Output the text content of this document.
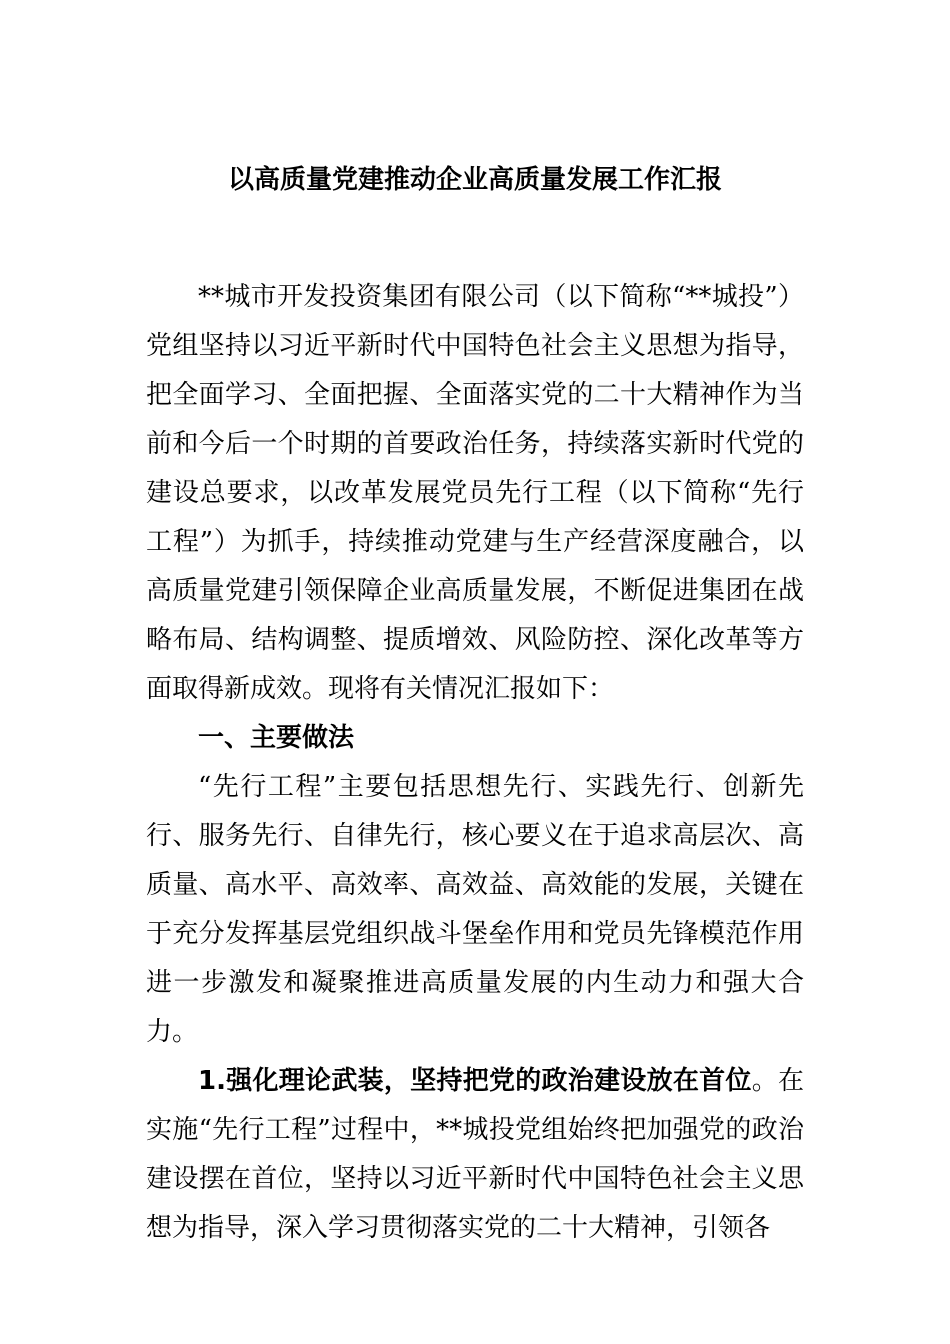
以高质量党建推动企业高质量发展工作汇报

**城市开发投资集团有限公司（以下简称“**城投”）党组坚持以习近平新时代中国特色社会主义思想为指导，把全面学习、全面把握、全面落实党的二十大精神作为当前和今后一个时期的首要政治任务，持续落实新时代党的建设总要求，以改革发展党员先行工程（以下简称“先行工程”）为抓手，持续推动党建与生产经营深度融合，以高质量党建引领保障企业高质量发展，不断促进集团在战略布局、结构调整、提质增效、风险防控、深化改革等方面取得新成效。现将有关情况汇报如下：

一、主要做法

“先行工程”主要包括思想先行、实践先行、创新先行、服务先行、自律先行，核心要义在于追求高层次、高质量、高水平、高效率、高效益、高效能的发展，关键在于充分发挥基层党组织战斗堡垒作用和党员先锋模范作用进一步激发和凝聚推进高质量发展的内生动力和强大合力。

1.强化理论武装，坚持把党的政治建设放在首位。在实施“先行工程”过程中，**城投党组始终把加强党的政治建设摆在首位，坚持以习近平新时代中国特色社会主义思想为指导，深入学习贯彻落实党的二十大精神，引领各
